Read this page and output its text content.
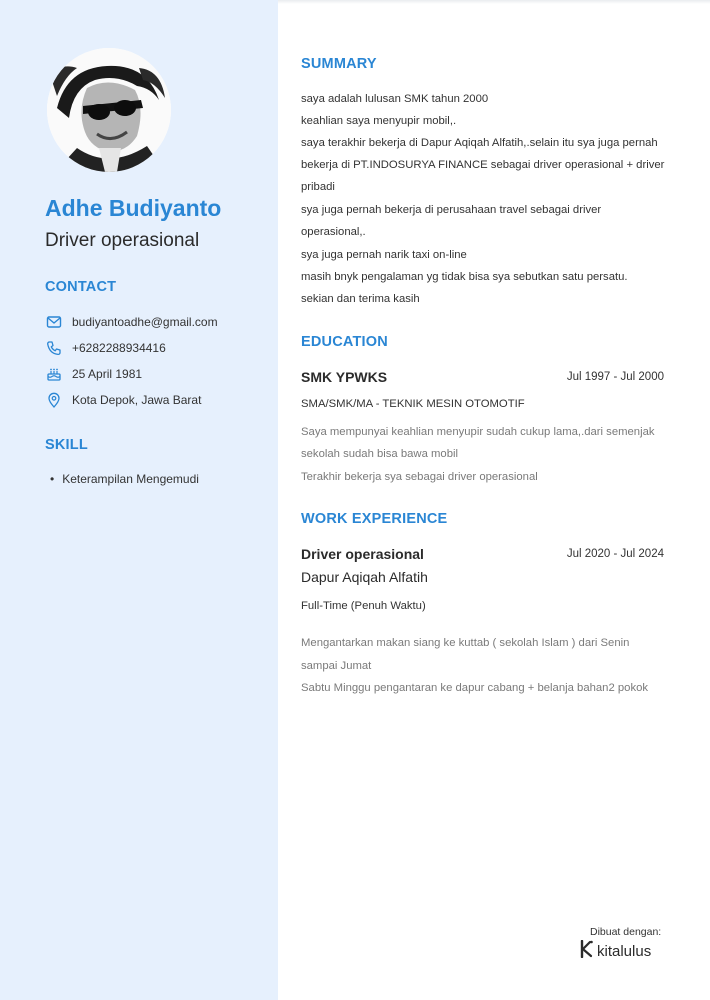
Adhe Budiyanto
Driver operasional
CONTACT
budiyantoadhe@gmail.com
+6282288934416
25 April 1981
Kota Depok, Jawa Barat
SKILL
• Keterampilan Mengemudi
SUMMARY
saya adalah lulusan SMK tahun 2000
keahlian saya menyupir mobil,.
saya terakhir bekerja di Dapur Aqiqah Alfatih,.selain itu sya juga pernah
bekerja di PT.INDOSURYA FINANCE sebagai driver operasional + driver
pribadi
sya juga pernah bekerja di perusahaan travel sebagai driver
operasional,.
sya juga pernah narik taxi on-line
masih bnyk pengalaman yg tidak bisa sya sebutkan satu persatu.
sekian dan terima kasih
EDUCATION
SMK YPWKS	Jul 1997 - Jul 2000
SMA/SMK/MA - TEKNIK MESIN OTOMOTIF
Saya mempunyai keahlian menyupir sudah cukup lama,.dari semenjak
sekolah sudah bisa bawa mobil
Terakhir bekerja sya sebagai driver operasional
WORK EXPERIENCE
Driver operasional	Jul 2020 - Jul 2024
Dapur Aqiqah Alfatih
Full-Time (Penuh Waktu)
Mengantarkan makan siang ke kuttab ( sekolah Islam ) dari Senin
sampai Jumat
Sabtu Minggu pengantaran ke dapur cabang + belanja bahan2 pokok
Dibuat dengan:
kitalulus
